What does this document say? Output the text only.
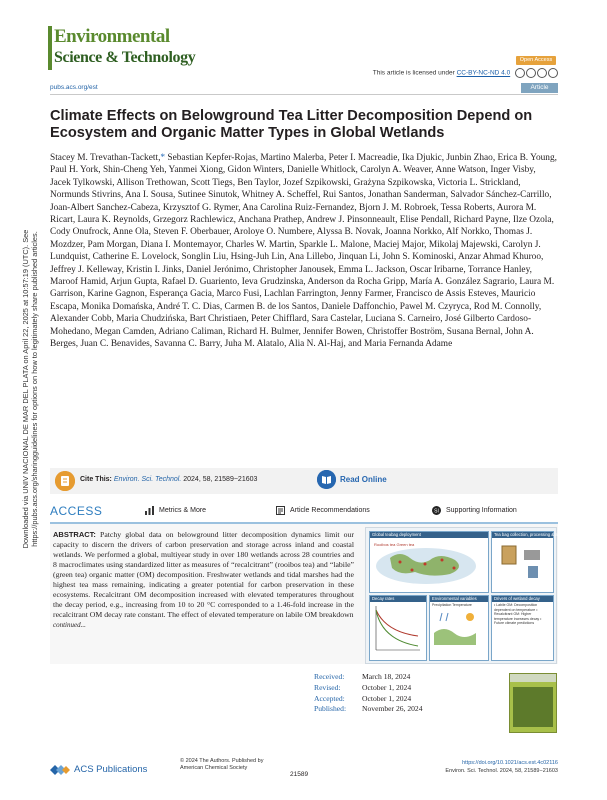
Downloaded via UNIV NACIONAL DE MAR DEL PLATA on April 22, 2025 at 10:57:19 (UTC). See https://pubs.acs.org/sharingguidelines for options on how to legitimately share published articles.
Environmental
Science & Technology	Open Access
This article is licensed under CC-BY-NC-ND 4.0
pubs.acs.org/est	Article
Climate Effects on Belowground Tea Litter Decomposition Depend on Ecosystem and Organic Matter Types in Global Wetlands
Stacey M. Trevathan-Tackett,* Sebastian Kepfer-Rojas, Martino Malerba, Peter I. Macreadie, Ika Djukic, Junbin Zhao, Erica B. Young, Paul H. York, Shin-Cheng Yeh, Yanmei Xiong, Gidon Winters, Danielle Whitlock, Carolyn A. Weaver, Anne Watson, Inger Visby, Jacek Tylkowski, Allison Trethowan, Scott Tiegs, Ben Taylor, Jozef Szpikowski, Grażyna Szpikowska, Victoria L. Strickland, Normunds Stivrins, Ana I. Sousa, Sutinee Sinutok, Whitney A. Scheffel, Rui Santos, Jonathan Sanderman, Salvador Sánchez-Carrillo, Joan-Albert Sanchez-Cabeza, Krzysztof G. Rymer, Ana Carolina Ruiz-Fernandez, Bjorn J. M. Robroek, Tessa Roberts, Aurora M. Ricart, Laura K. Reynolds, Grzegorz Rachlewicz, Anchana Prathep, Andrew J. Pinsonneault, Elise Pendall, Richard Payne, Ilze Ozola, Cody Onufrock, Anne Ola, Steven F. Oberbauer, Aroloye O. Numbere, Alyssa B. Novak, Joanna Norkko, Alf Norkko, Thomas J. Mozdzer, Pam Morgan, Diana I. Montemayor, Charles W. Martin, Sparkle L. Malone, Maciej Major, Mikolaj Majewski, Carolyn J. Lundquist, Catherine E. Lovelock, Songlin Liu, Hsing-Juh Lin, Ana Lillebo, Jinquan Li, John S. Kominoski, Anzar Ahmad Khuroo, Jeffrey J. Kelleway, Kristin I. Jinks, Daniel Jerónimo, Christopher Janousek, Emma L. Jackson, Oscar Iribarne, Torrance Hanley, Maroof Hamid, Arjun Gupta, Rafael D. Guariento, Ieva Grudzinska, Anderson da Rocha Gripp, María A. González Sagrario, Laura M. Garrison, Karine Gagnon, Esperança Gacia, Marco Fusi, Lachlan Farrington, Jenny Farmer, Francisco de Assis Esteves, Mauricio Escapa, Monika Domańska, André T. C. Dias, Carmen B. de los Santos, Daniele Daffonchio, Pawel M. Czyryca, Rod M. Connolly, Alexander Cobb, Maria Chudzińska, Bart Christiaen, Peter Chifflard, Sara Castelar, Luciana S. Carneiro, José Gilberto Cardoso-Mohedano, Megan Camden, Adriano Caliman, Richard H. Bulmer, Jennifer Bowen, Christoffer Boström, Susana Bernal, John A. Berges, Juan C. Benavides, Savanna C. Barry, Juha M. Alatalo, Alia N. Al-Haj, and Maria Fernanda Adame
Cite This: Environ. Sci. Technol. 2024, 58, 21589−21603	Read Online
ACCESS	Metrics & More	Article Recommendations	SI Supporting Information
ABSTRACT: Patchy global data on belowground litter decomposition dynamics limit our capacity to discern the drivers of carbon preservation and storage across inland and coastal wetlands. We performed a global, multiyear study in over 180 wetlands across 28 countries and 8 macroclimates using standardized litter as measures of “recalcitrant” (rooibos tea) and “labile” (green tea) organic matter (OM) decomposition. Freshwater wetlands and tidal marshes had the highest tea mass remaining, indicating a greater potential for carbon preservation in these ecosystems. Recalcitrant OM decomposition increased with elevated temperatures throughout the decay period, e.g., increasing from 10 to 20 °C corresponded to a 1.46-fold increase in the recalcitrant OM decay rate constant. The effect of elevated temperature on labile OM breakdown
continued...
Global teabag deployment
Rooibos tea Green tea
Tea bag collection, processing & analysis
Decay rates	Environmental variables
Precipitation Temperature
Drivers of wetland decay
• Labile OM: Decomposition dependent on temperature • Recalcitrant OM: Higher temperature increases decay • Future climate predictions
Received: March 18, 2024
Revised:	October 1, 2024
Accepted: October 1, 2024
Published: November 26, 2024
ACS Publications
© 2024 The Authors. Published by
American Chemical Society
21589
https://doi.org/10.1021/acs.est.4c02116
Environ. Sci. Technol. 2024, 58, 21589−21603
